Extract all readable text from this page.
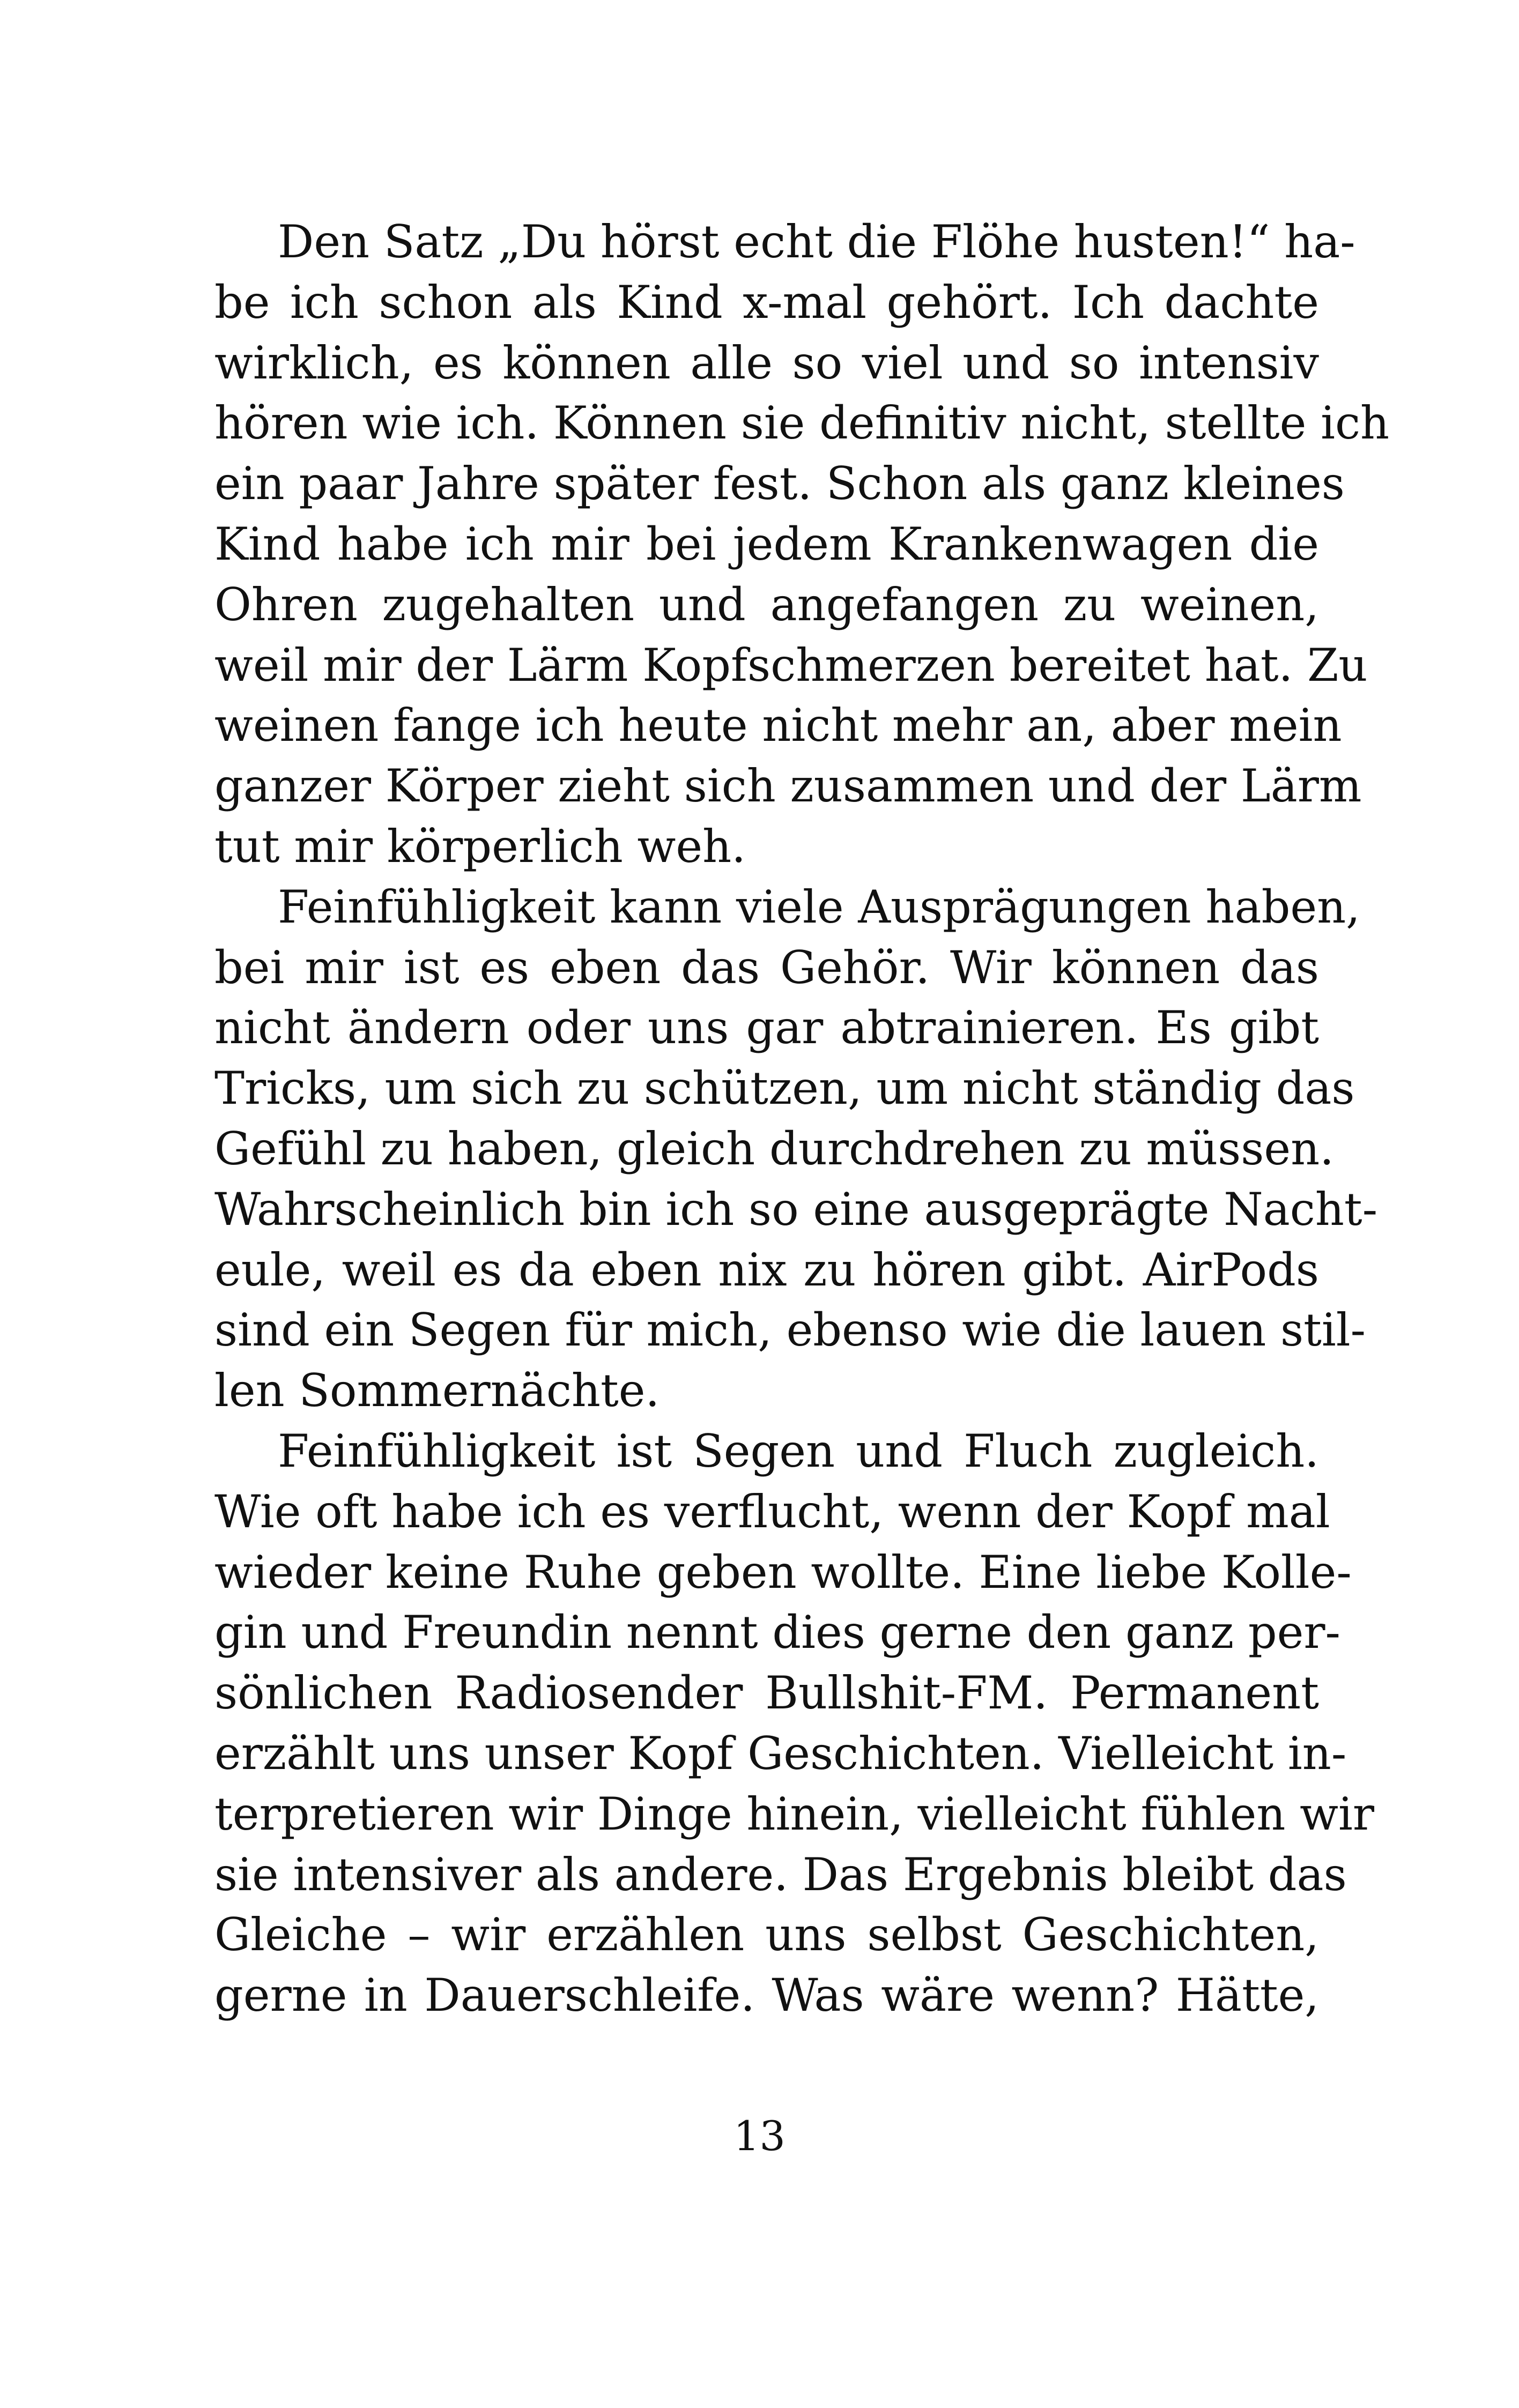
Den Satz „Du hörst echt die Flöhe husten!“ ha-
be ich schon als Kind x-mal gehört. Ich dachte
wirklich, es können alle so viel und so intensiv
hören wie ich. Können sie definitiv nicht, stellte ich
ein paar Jahre später fest. Schon als ganz kleines
Kind habe ich mir bei jedem Krankenwagen die
Ohren zugehalten und angefangen zu weinen,
weil mir der Lärm Kopfschmerzen bereitet hat. Zu
weinen fange ich heute nicht mehr an, aber mein
ganzer Körper zieht sich zusammen und der Lärm
tut mir körperlich weh.
Feinfühligkeit kann viele Ausprägungen haben,
bei mir ist es eben das Gehör. Wir können das
nicht ändern oder uns gar abtrainieren. Es gibt
Tricks, um sich zu schützen, um nicht ständig das
Gefühl zu haben, gleich durchdrehen zu müssen.
Wahrscheinlich bin ich so eine ausgeprägte Nacht-
eule, weil es da eben nix zu hören gibt. AirPods
sind ein Segen für mich, ebenso wie die lauen stil-
len Sommernächte.
Feinfühligkeit ist Segen und Fluch zugleich.
Wie oft habe ich es verflucht, wenn der Kopf mal
wieder keine Ruhe geben wollte. Eine liebe Kolle-
gin und Freundin nennt dies gerne den ganz per-
sönlichen Radiosender Bullshit-FM. Permanent
erzählt uns unser Kopf Geschichten. Vielleicht in-
terpretieren wir Dinge hinein, vielleicht fühlen wir
sie intensiver als andere. Das Ergebnis bleibt das
Gleiche – wir erzählen uns selbst Geschichten,
gerne in Dauerschleife. Was wäre wenn? Hätte,
13
